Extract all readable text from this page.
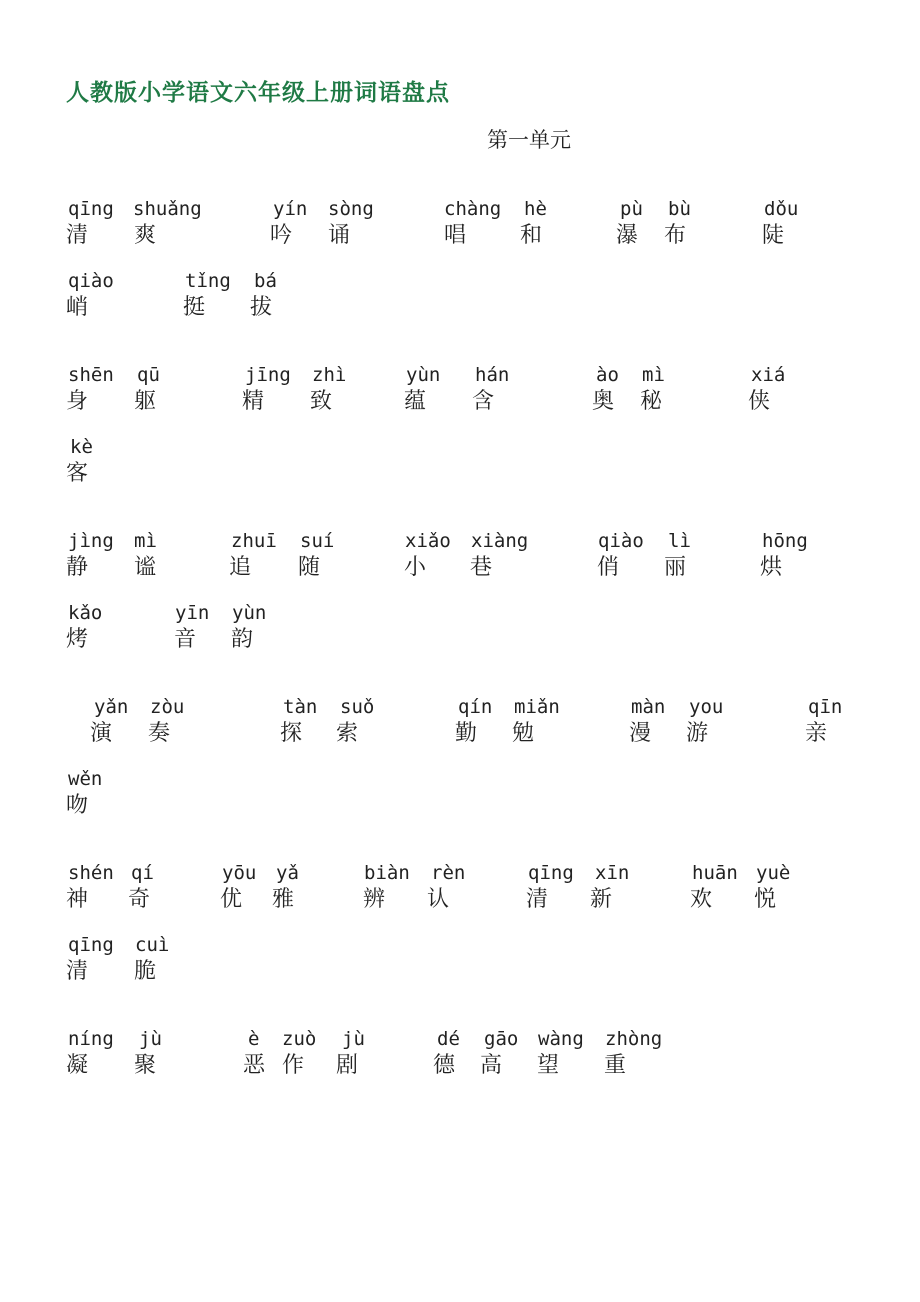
人教版小学语文六年级上册词语盘点
第一单元
qīng shuǎng	yín sòng	chàng hè	pù bù	dǒu
清 爽	吟 诵	唱 和	瀑 布	陡
qiào	tǐng bá
峭	挺 拔
shēn qū	jīng zhì	yùn hán	ào mì	xiá
身 躯	精 致	蕴 含	奥 秘	侠
kè
客
jìng mì	zhuī suí	xiǎo xiàng	qiào lì	hōng
静 谧	追 随	小 巷	俏 丽	烘
kǎo	yīn yùn
烤	音 韵
yǎn zòu	tàn suǒ	qín miǎn	màn you	qīn
演 奏	探 索	勤 勉	漫 游	亲
wěn
吻
shén qí	yōu yǎ	biàn rèn	qīng xīn	huān yuè
神 奇	优 雅	辨 认	清 新	欢 悦
qīng cuì
清 脆
níng jù	è zuò jù	dé gāo wàng zhòng
凝 聚	恶 作 剧	德 高 望 重
